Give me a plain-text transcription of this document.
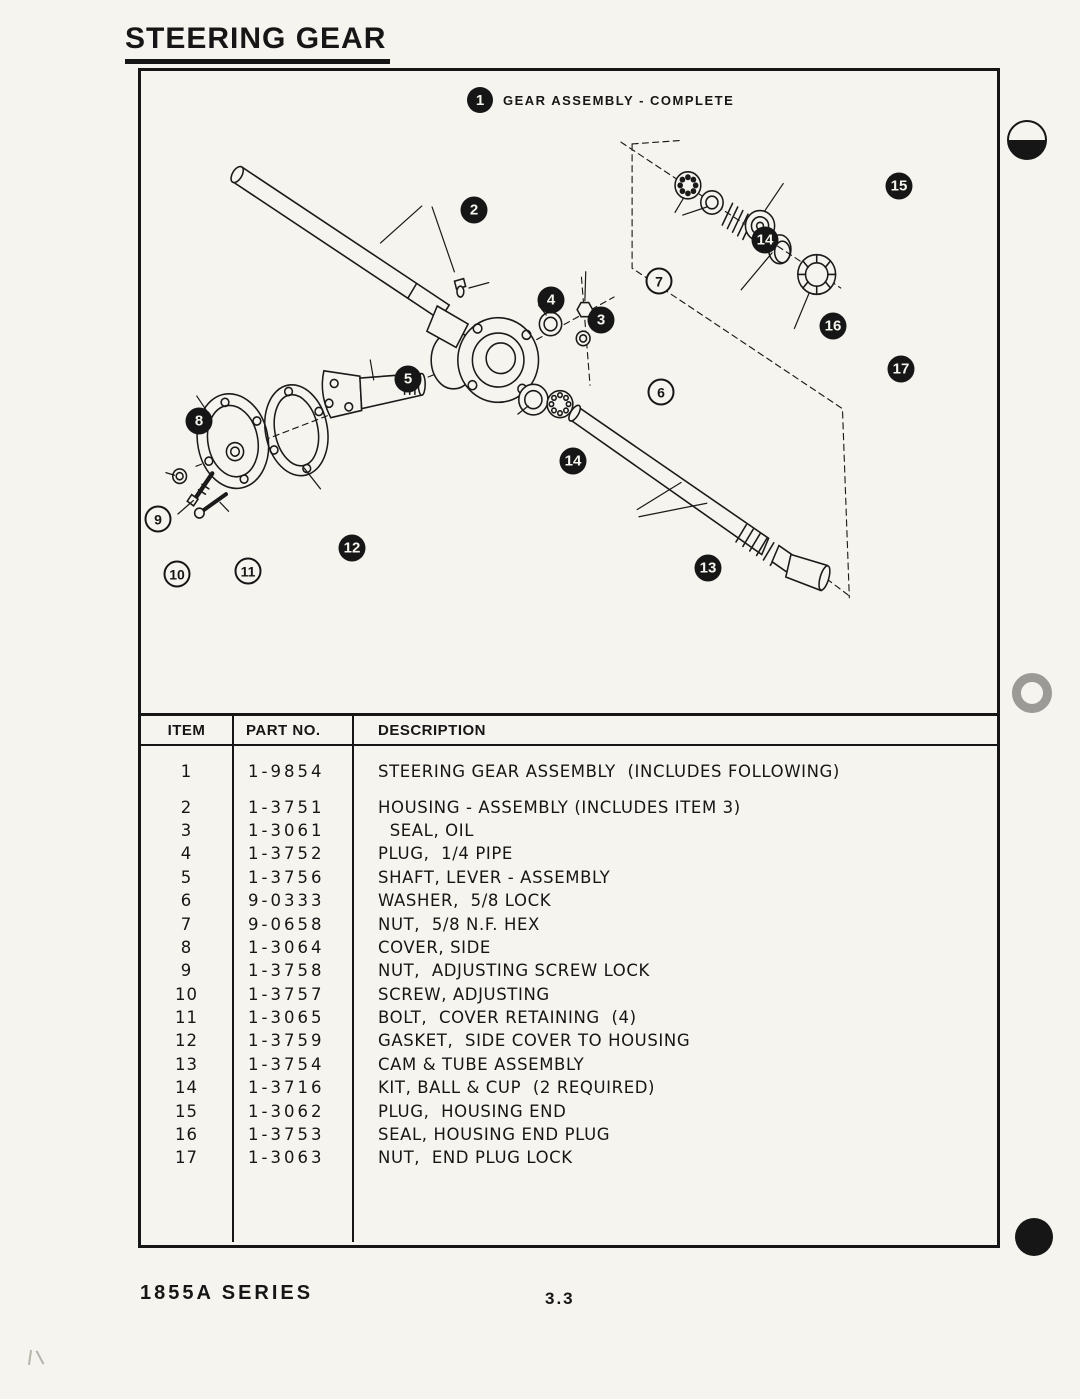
STEERING GEAR
1	GEAR ASSEMBLY - COMPLETE
2
4
3
7
5
6
8
9
10	11
12
14
13
14
15
16
17
ITEM	PART NO.	DESCRIPTION
1	1-9854	STEERING GEAR ASSEMBLY  (INCLUDES FOLLOWING)
2	1-3751	HOUSING - ASSEMBLY (INCLUDES ITEM 3)
3	1-3061	SEAL, OIL
4	1-3752	PLUG,  1/4 PIPE
5	1-3756	SHAFT, LEVER - ASSEMBLY
6	9-0333	WASHER,  5/8 LOCK
7	9-0658	NUT,  5/8 N.F. HEX
8	1-3064	COVER, SIDE
9	1-3758	NUT,  ADJUSTING SCREW LOCK
10	1-3757	SCREW, ADJUSTING
11	1-3065	BOLT,  COVER RETAINING  (4)
12	1-3759	GASKET,  SIDE COVER TO HOUSING
13	1-3754	CAM & TUBE ASSEMBLY
14	1-3716	KIT, BALL & CUP  (2 REQUIRED)
15	1-3062	PLUG,  HOUSING END
16	1-3753	SEAL, HOUSING END PLUG
17	1-3063	NUT,  END PLUG LOCK
1855A SERIES	3.3
